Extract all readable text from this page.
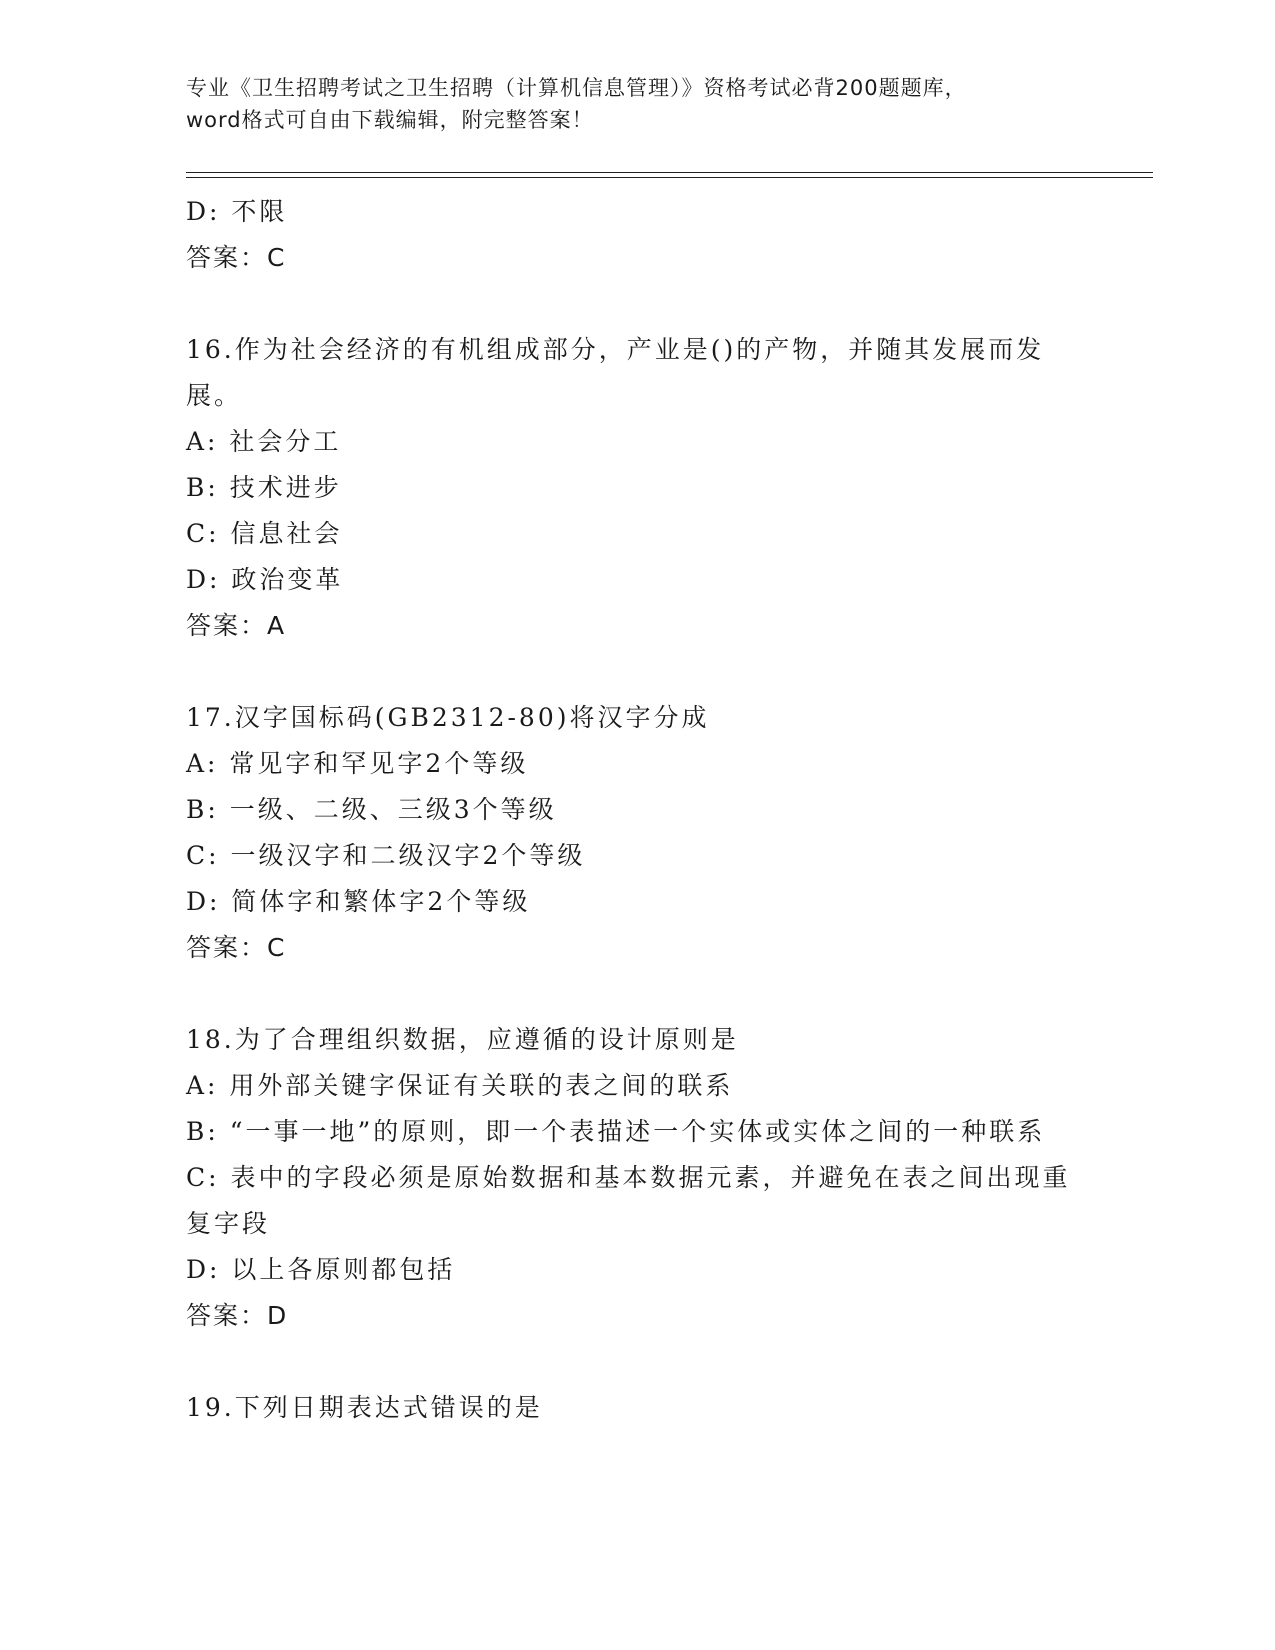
专业《卫生招聘考试之卫生招聘（计算机信息管理）》资格考试必背200题题库，
word格式可自由下载编辑，附完整答案！
D: 不限
答案：C
16.作为社会经济的有机组成部分，产业是()的产物，并随其发展而发展。
A: 社会分工
B: 技术进步
C: 信息社会
D: 政治变革
答案：A
17.汉字国标码(GB2312-80)将汉字分成
A: 常见字和罕见字2个等级
B: 一级、二级、三级3个等级
C: 一级汉字和二级汉字2个等级
D: 简体字和繁体字2个等级
答案：C
18.为了合理组织数据，应遵循的设计原则是
A: 用外部关键字保证有关联的表之间的联系
B: “一事一地”的原则，即一个表描述一个实体或实体之间的一种联系
C: 表中的字段必须是原始数据和基本数据元素，并避免在表之间出现重复字段
D: 以上各原则都包括
答案：D
19.下列日期表达式错误的是
